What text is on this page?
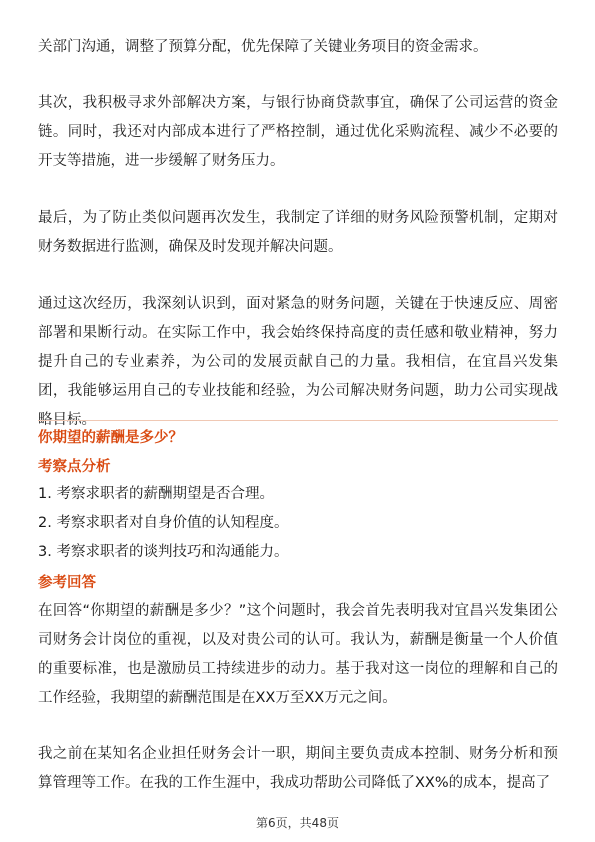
关部门沟通，调整了预算分配，优先保障了关键业务项目的资金需求。

其次，我积极寻求外部解决方案，与银行协商贷款事宜，确保了公司运营的资金链。同时，我还对内部成本进行了严格控制，通过优化采购流程、减少不必要的开支等措施，进一步缓解了财务压力。

最后，为了防止类似问题再次发生，我制定了详细的财务风险预警机制，定期对财务数据进行监测，确保及时发现并解决问题。

通过这次经历，我深刻认识到，面对紧急的财务问题，关键在于快速反应、周密部署和果断行动。在实际工作中，我会始终保持高度的责任感和敬业精神，努力提升自己的专业素养，为公司的发展贡献自己的力量。我相信，在宜昌兴发集团，我能够运用自己的专业技能和经验，为公司解决财务问题，助力公司实现战略目标。

你期望的薪酬是多少？

考察点分析

1. 考察求职者的薪酬期望是否合理。
2. 考察求职者对自身价值的认知程度。
3. 考察求职者的谈判技巧和沟通能力。

参考回答

在回答“你期望的薪酬是多少？”这个问题时，我会首先表明我对宜昌兴发集团公司财务会计岗位的重视，以及对贵公司的认可。我认为，薪酬是衡量一个人价值的重要标准，也是激励员工持续进步的动力。基于我对这一岗位的理解和自己的工作经验，我期望的薪酬范围是在XX万至XX万元之间。

我之前在某知名企业担任财务会计一职，期间主要负责成本控制、财务分析和预算管理等工作。在我的工作生涯中，我成功帮助公司降低了XX%的成本，提高了

第6页，共48页
